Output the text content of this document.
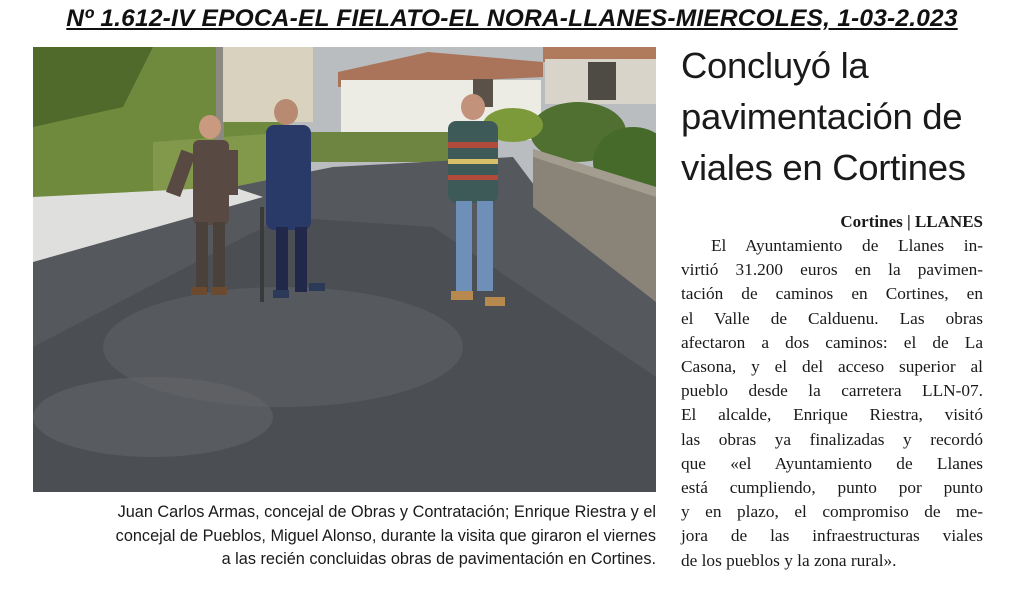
Nº 1.612-IV EPOCA-EL FIELATO-EL NORA-LLANES-MIERCOLES, 1-03-2.023
Juan Carlos Armas, concejal de Obras y Contratación; Enrique Riestra y el
concejal de Pueblos, Miguel Alonso, durante la visita que giraron el viernes
a las recién concluidas obras de pavimentación en Cortines.
Concluyó la
pavimentación de
viales en Cortines
Cortines | LLANES
El Ayuntamiento de Llanes in-
virtió 31.200 euros en la pavimen-
tación de caminos en Cortines, en
el Valle de Calduenu. Las obras
afectaron a dos caminos: el de La
Casona, y el del acceso superior al
pueblo desde la carretera LLN-07.
El alcalde, Enrique Riestra, visitó
las obras ya finalizadas y recordó
que «el Ayuntamiento de Llanes
está cumpliendo, punto por punto
y en plazo, el compromiso de me-
jora de las infraestructuras viales
de los pueblos y la zona rural».
